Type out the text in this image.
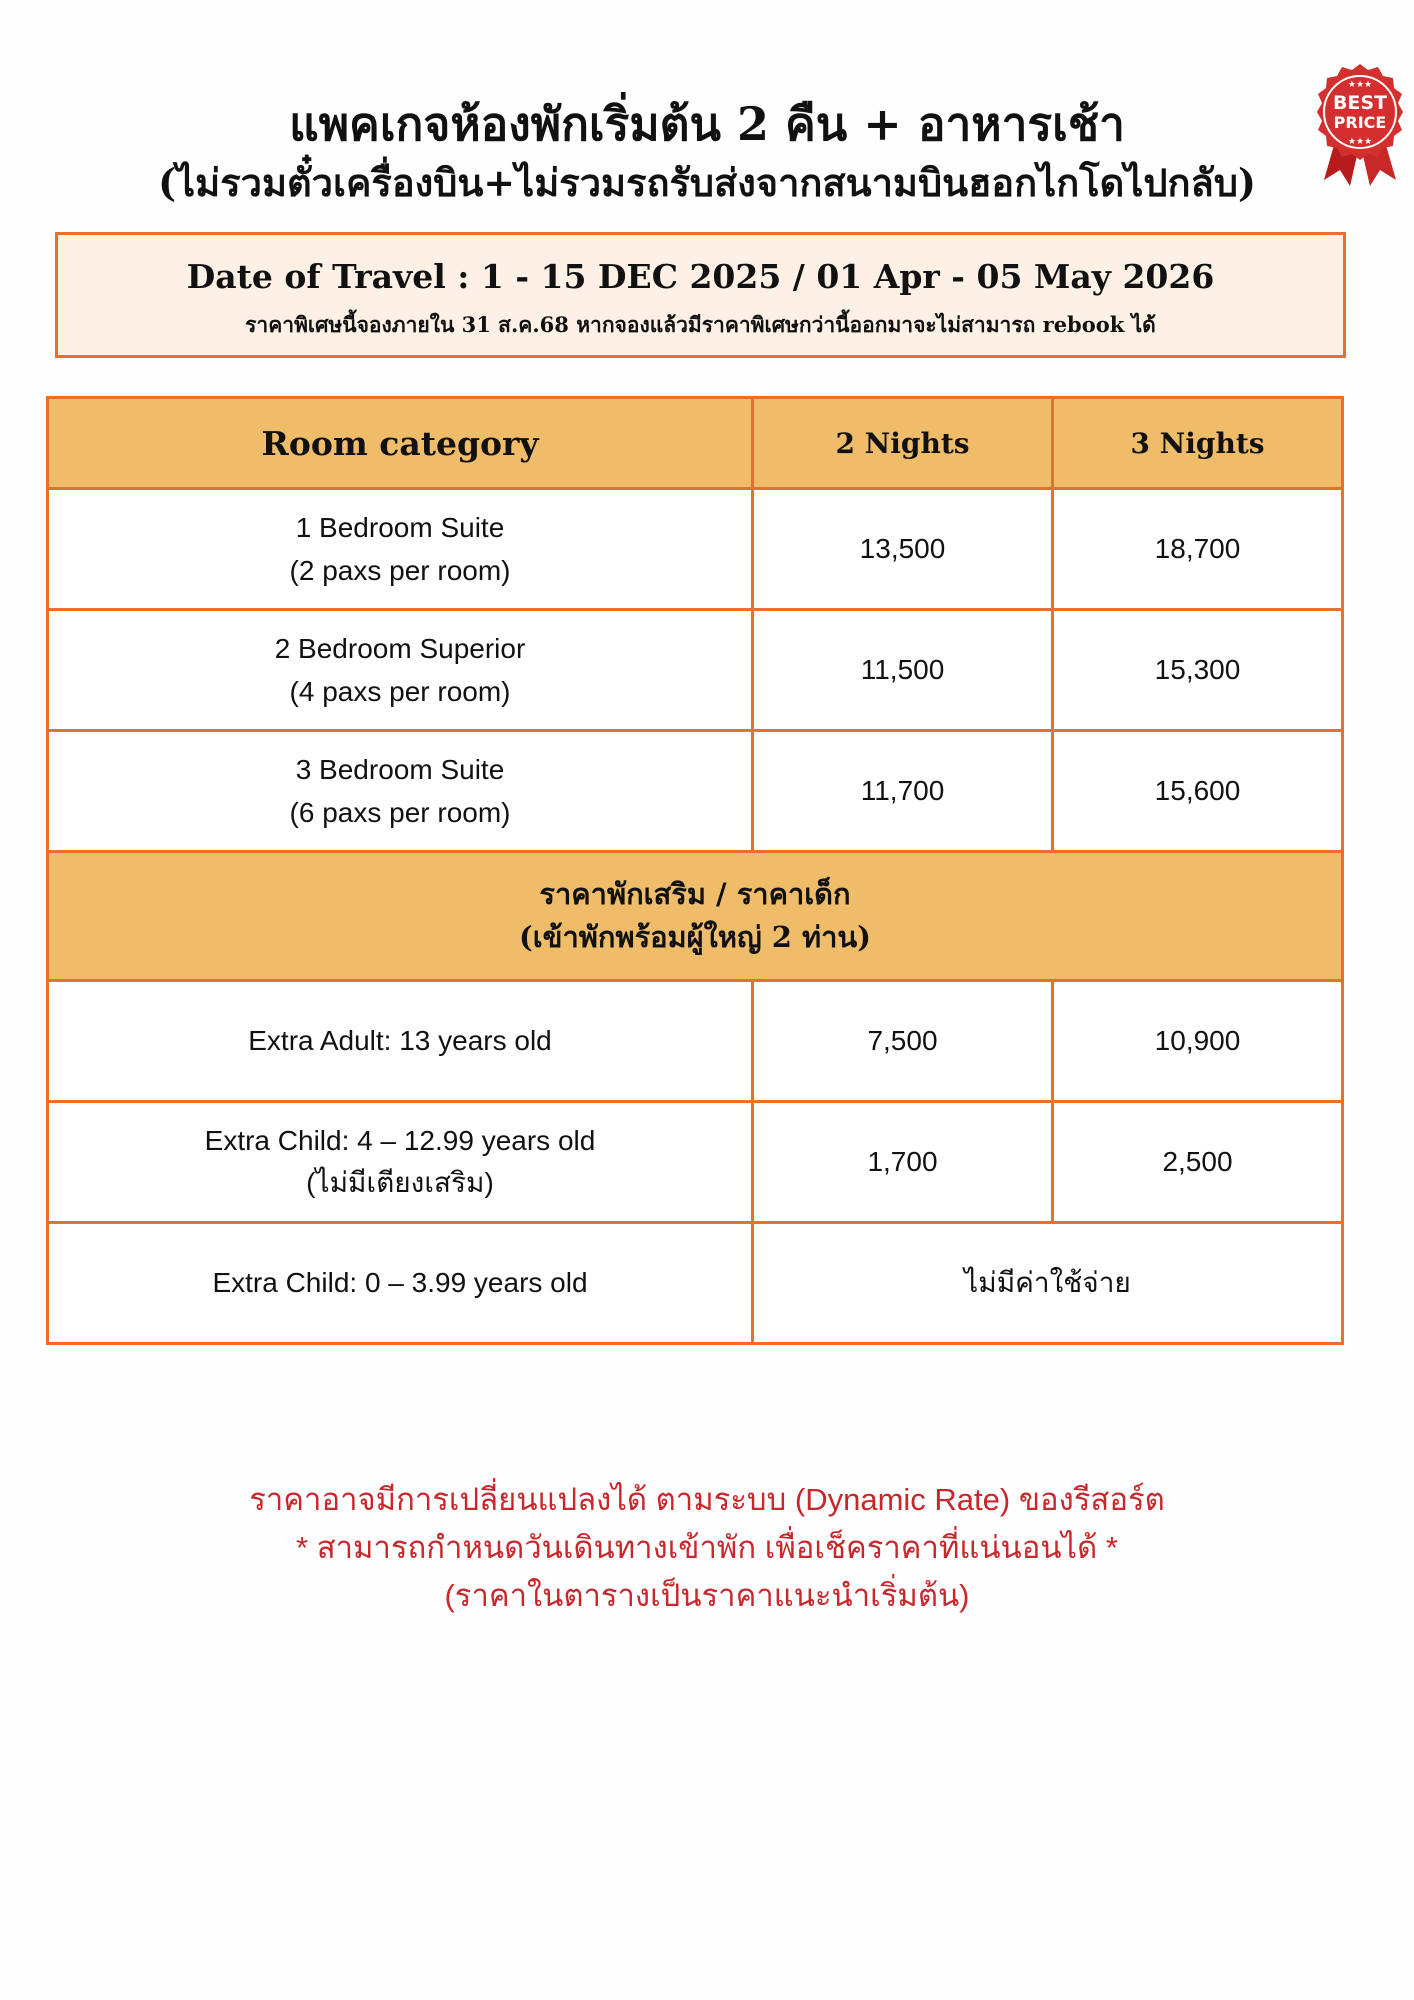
แพคเกจห้องพักเริ่มต้น 2 คืน + อาหารเช้า
(ไม่รวมตั๋วเครื่องบิน+ไม่รวมรถรับส่งจากสนามบินฮอกไกโดไปกลับ)
★★★
BEST
PRICE
★★★
Date of Travel : 1 - 15 DEC 2025 / 01 Apr - 05 May 2026
ราคาพิเศษนี้จองภายใน 31 ส.ค.68 หากจองแล้วมีราคาพิเศษกว่านี้ออกมาจะไม่สามารถ rebook ได้
Room category	2 Nights	3 Nights

1 Bedroom Suite
(2 paxs per room)	13,500	18,700

2 Bedroom Superior
(4 paxs per room)	11,500	15,300

3 Bedroom Suite
(6 paxs per room)	11,700	15,600

ราคาพักเสริม / ราคาเด็ก
(เข้าพักพร้อมผู้ใหญ่ 2 ท่าน)		

Extra Adult: 13 years old	7,500	10,900

Extra Child: 4 – 12.99 years old
(ไม่มีเตียงเสริม)	1,700	2,500
Extra Child: 0 – 3.99 years old	ไม่มีค่าใช้จ่าย	
ราคาอาจมีการเปลี่ยนแปลงได้ ตามระบบ (Dynamic Rate) ของรีสอร์ต
* สามารถกำหนดวันเดินทางเข้าพัก เพื่อเช็คราคาที่แน่นอนได้ *
(ราคาในตารางเป็นราคาแนะนำเริ่มต้น)
